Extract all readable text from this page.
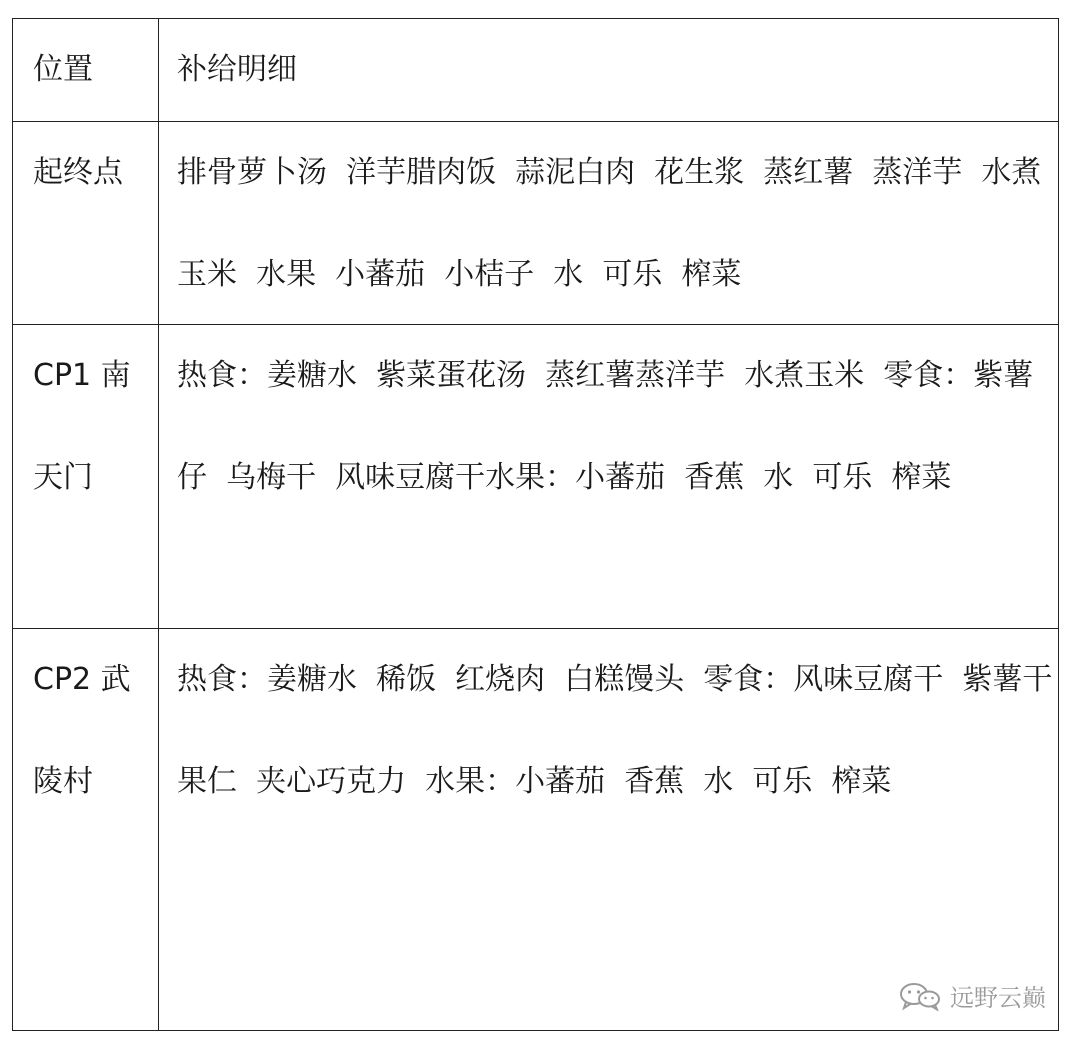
位置	补给明细
起终点	排骨萝卜汤  洋芋腊肉饭  蒜泥白肉  花生浆  蒸红薯  蒸洋芋  水煮玉米  水果  小蕃茄  小桔子  水  可乐  榨菜
CP1 南天门
热食：姜糖水  紫菜蛋花汤  蒸红薯蒸洋芋  水煮玉米  零食：紫薯仔  乌梅干  风味豆腐干水果：小蕃茄  香蕉  水  可乐  榨菜
CP2 武陵村
热食：姜糖水  稀饭  红烧肉  白糕馒头  零食：风味豆腐干  紫薯干果仁  夹心巧克力  水果：小蕃茄  香蕉  水  可乐  榨菜
远野云巅
